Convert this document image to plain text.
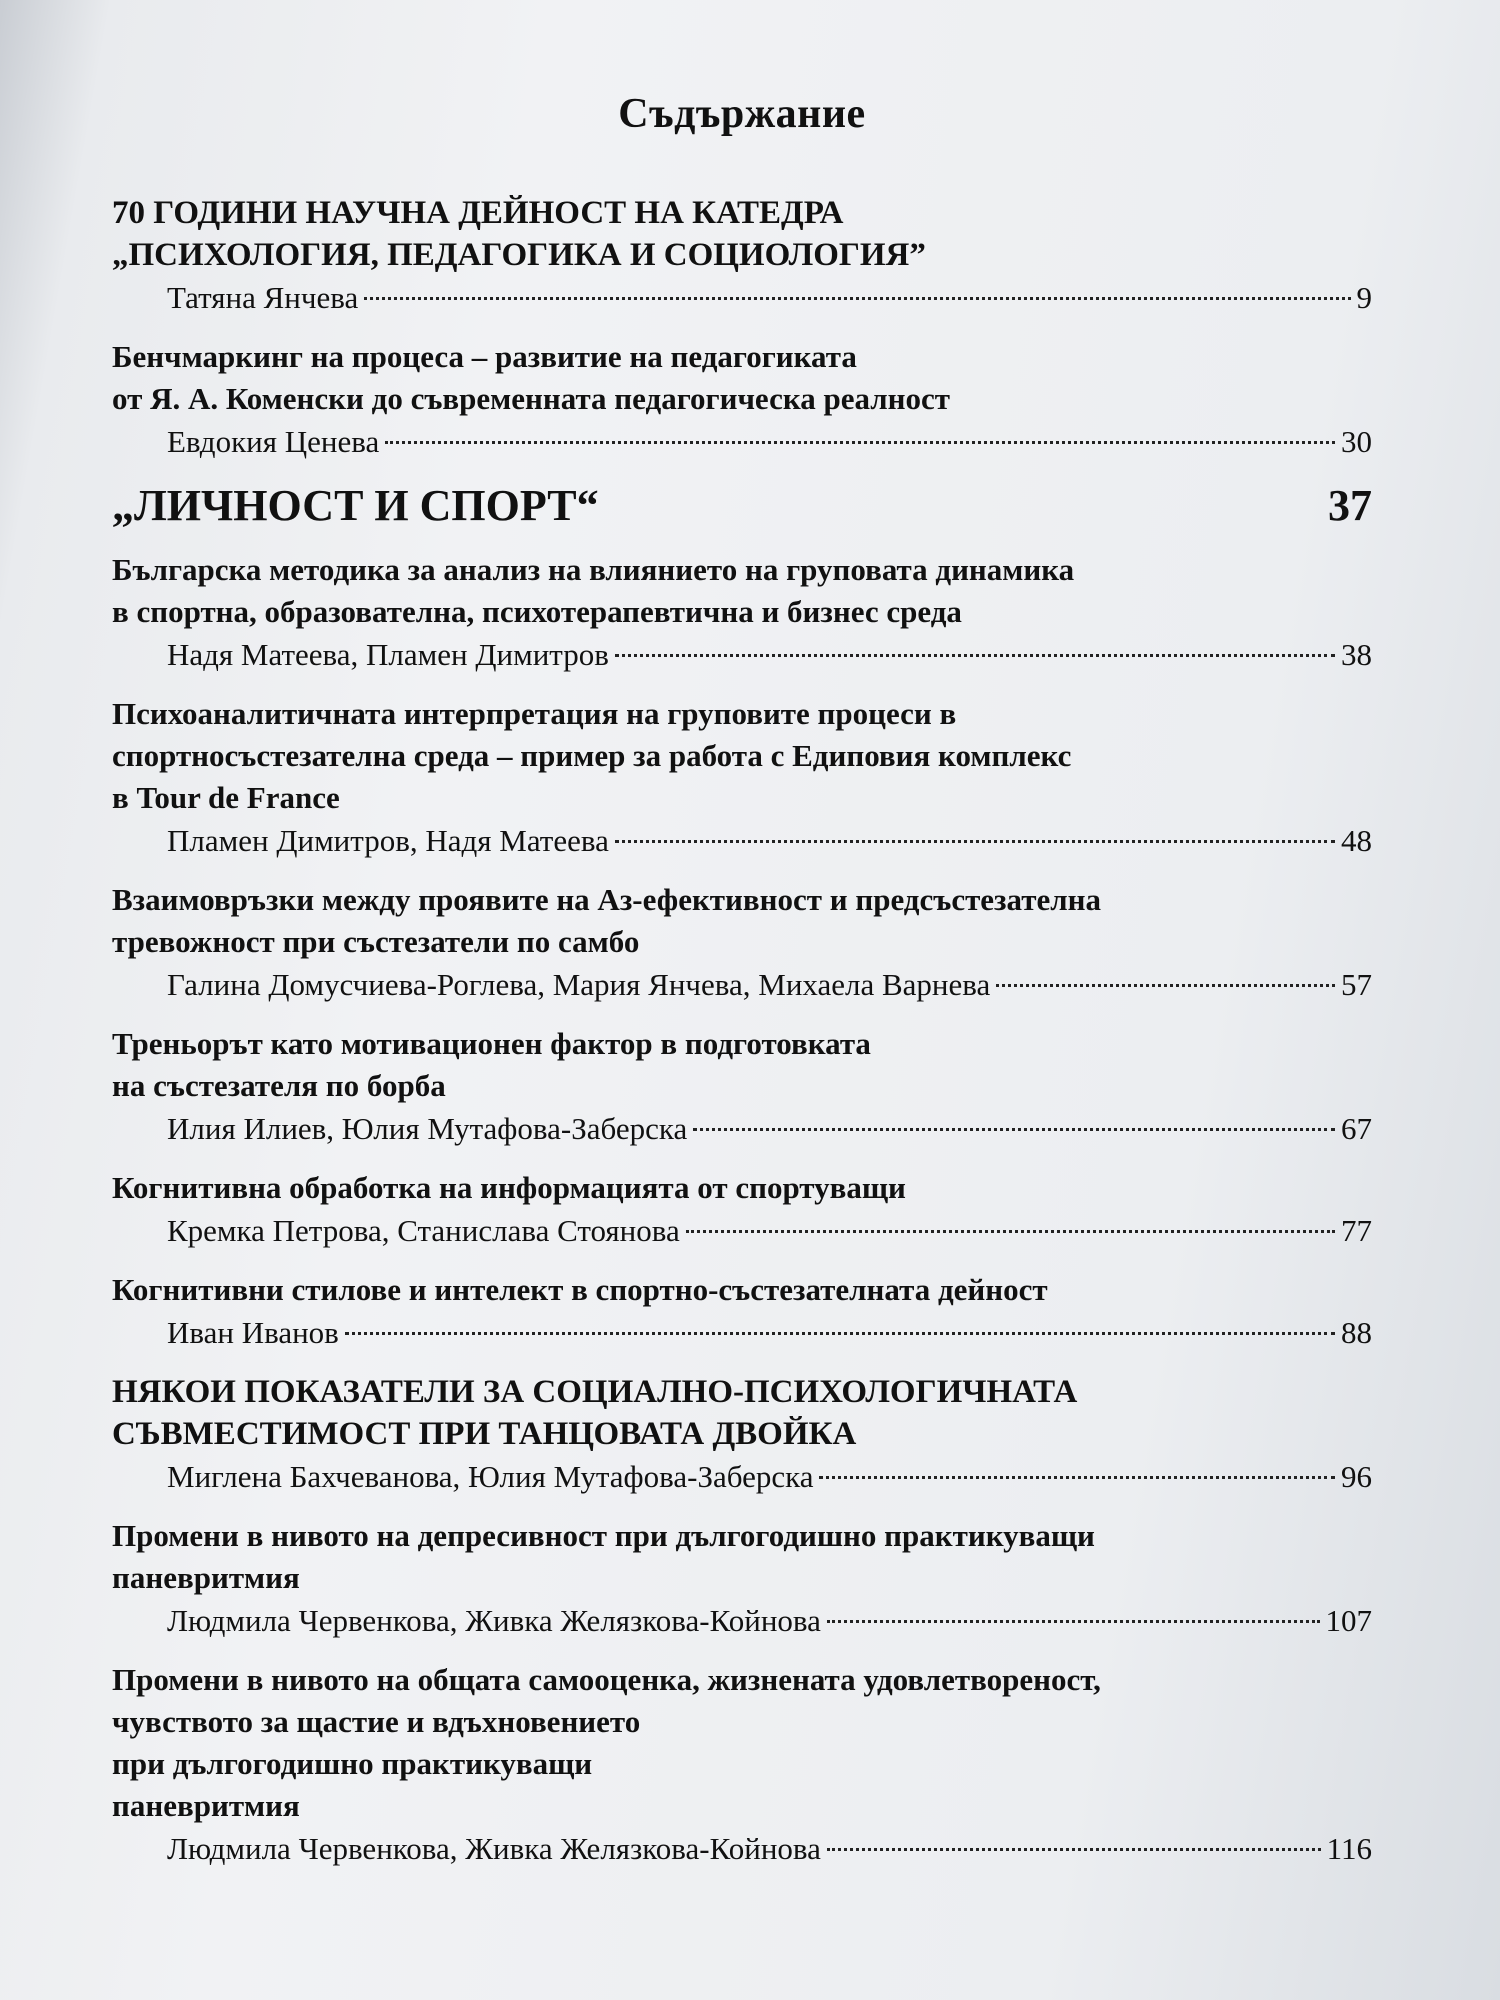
Съдържание
70 ГОДИНИ НАУЧНА ДЕЙНОСТ НА КАТЕДРА
„ПСИХОЛОГИЯ, ПЕДАГОГИКА И СОЦИОЛОГИЯ”
Татяна Янчева	9
Бенчмаркинг на процеса – развитие на педагогиката
от Я. А. Коменски до съвременната педагогическа реалност
Евдокия Ценева	30
„ЛИЧНОСТ И СПОРТ“	37
Българска методика за анализ на влиянието на груповата динамика
в спортна, образователна, психотерапевтична и бизнес среда
Надя Матеева, Пламен Димитров	38
Психоаналитичната интерпретация на груповите процеси в
спортносъстезателна среда – пример за работа с Едиповия комплекс
в Tour de France
Пламен Димитров, Надя Матеева	48
Взаимовръзки между проявите на Аз-ефективност и предсъстезателна
тревожност при състезатели по самбо
Галина Домусчиева-Роглева, Мария Янчева, Михаела Варнева	57
Треньорът като мотивационен фактор в подготовката
на състезателя по борба
Илия Илиев, Юлия Мутафова-Заберска	67
Когнитивна обработка на информацията от спортуващи
Кремка Петрова, Станислава Стоянова	77
Когнитивни стилове и интелект в спортно-състезателната дейност
Иван Иванов	88
НЯКОИ ПОКАЗАТЕЛИ ЗА СОЦИАЛНО-ПСИХОЛОГИЧНАТА
СЪВМЕСТИМОСТ ПРИ ТАНЦОВАТА ДВОЙКА
Миглена Бахчеванова, Юлия Мутафова-Заберска	96
Промени в нивото на депресивност при дългогодишно практикуващи
паневритмия
Людмила Червенкова, Живка Желязкова-Койнова	107
Промени в нивото на общата самооценка, жизнената удовлетвореност,
чувството за щастие и вдъхновението
при дългогодишно практикуващи
паневритмия
Людмила Червенкова, Живка Желязкова-Койнова	116
